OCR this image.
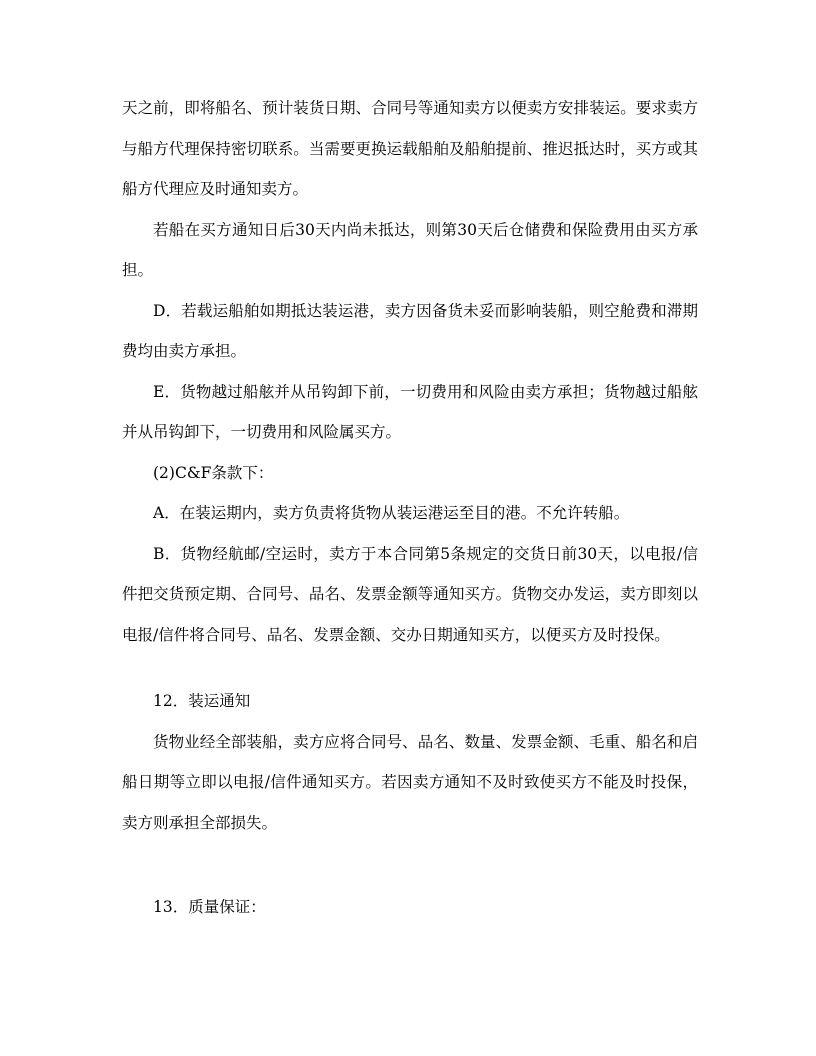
天之前，即将船名、预计装货日期、合同号等通知卖方以便卖方安排装运。要求卖方与船方代理保持密切联系。当需要更换运载船舶及船舶提前、推迟抵达时，买方或其船方代理应及时通知卖方。

若船在买方通知日后30天内尚未抵达，则第30天后仓储费和保险费用由买方承担。

D．若载运船舶如期抵达装运港，卖方因备货未妥而影响装船，则空舱费和滞期费均由卖方承担。

E．货物越过船舷并从吊钩卸下前，一切费用和风险由卖方承担；货物越过船舷并从吊钩卸下，一切费用和风险属买方。

(2)C&F条款下：

A．在装运期内，卖方负责将货物从装运港运至目的港。不允许转船。

B．货物经航邮/空运时，卖方于本合同第5条规定的交货日前30天，以电报/信件把交货预定期、合同号、品名、发票金额等通知买方。货物交办发运，卖方即刻以电报/信件将合同号、品名、发票金额、交办日期通知买方，以便买方及时投保。

12．装运通知

货物业经全部装船，卖方应将合同号、品名、数量、发票金额、毛重、船名和启船日期等立即以电报/信件通知买方。若因卖方通知不及时致使买方不能及时投保，卖方则承担全部损失。

13．质量保证：
